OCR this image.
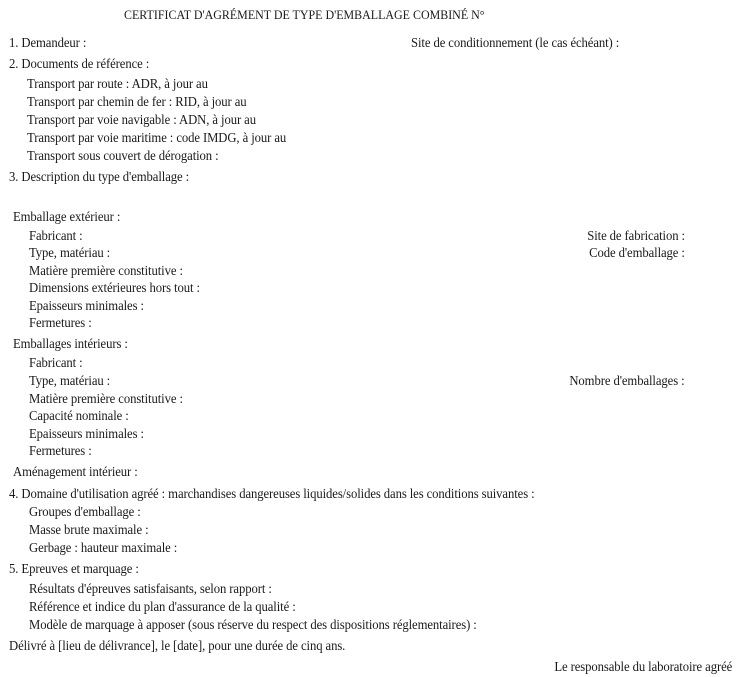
CERTIFICAT D'AGRÉMENT DE TYPE D'EMBALLAGE COMBINÉ N°
1. Demandeur :	Site de conditionnement (le cas échéant) :
2. Documents de référence :
Transport par route : ADR, à jour au
Transport par chemin de fer : RID, à jour au
Transport par voie navigable : ADN, à jour au
Transport par voie maritime : code IMDG, à jour au
Transport sous couvert de dérogation :
3. Description du type d'emballage :
Emballage extérieur :
Fabricant :	Site de fabrication :
Type, matériau :	Code d'emballage :
Matière première constitutive :
Dimensions extérieures hors tout :
Epaisseurs minimales :
Fermetures :
Emballages intérieurs :
Fabricant :
Type, matériau :	Nombre d'emballages :
Matière première constitutive :
Capacité nominale :
Epaisseurs minimales :
Fermetures :
Aménagement intérieur :
4. Domaine d'utilisation agréé : marchandises dangereuses liquides/solides dans les conditions suivantes :
Groupes d'emballage :
Masse brute maximale :
Gerbage : hauteur maximale :
5. Epreuves et marquage :
Résultats d'épreuves satisfaisants, selon rapport :
Référence et indice du plan d'assurance de la qualité :
Modèle de marquage à apposer (sous réserve du respect des dispositions réglementaires) :
Délivré à [lieu de délivrance], le [date], pour une durée de cinq ans.
Le responsable du laboratoire agréé
